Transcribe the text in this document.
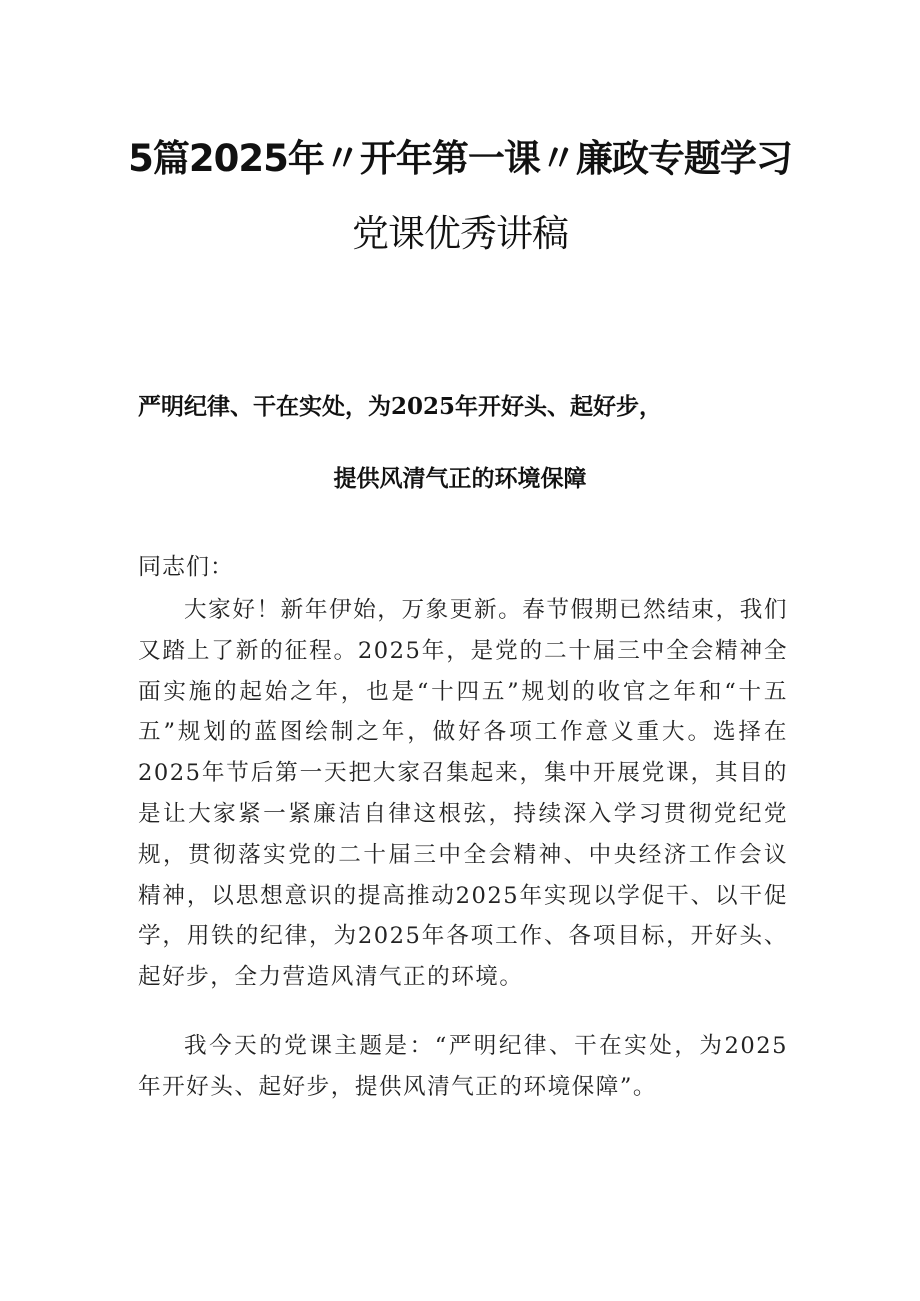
5篇2025年〃开年第一课〃廉政专题学习
党课优秀讲稿
严明纪律、干在实处，为2025年开好头、起好步，
提供风清气正的环境保障

同志们：

大家好！新年伊始，万象更新。春节假期已然结束，我们又踏上了新的征程。2025年，是党的二十届三中全会精神全面实施的起始之年，也是“十四五”规划的收官之年和“十五五”规划的蓝图绘制之年，做好各项工作意义重大。选择在2025年节后第一天把大家召集起来，集中开展党课，其目的是让大家紧一紧廉洁自律这根弦，持续深入学习贯彻党纪党规，贯彻落实党的二十届三中全会精神、中央经济工作会议精神，以思想意识的提高推动2025年实现以学促干、以干促学，用铁的纪律，为2025年各项工作、各项目标，开好头、起好步，全力营造风清气正的环境。

我今天的党课主题是：“严明纪律、干在实处，为2025年开好头、起好步，提供风清气正的环境保障”。
